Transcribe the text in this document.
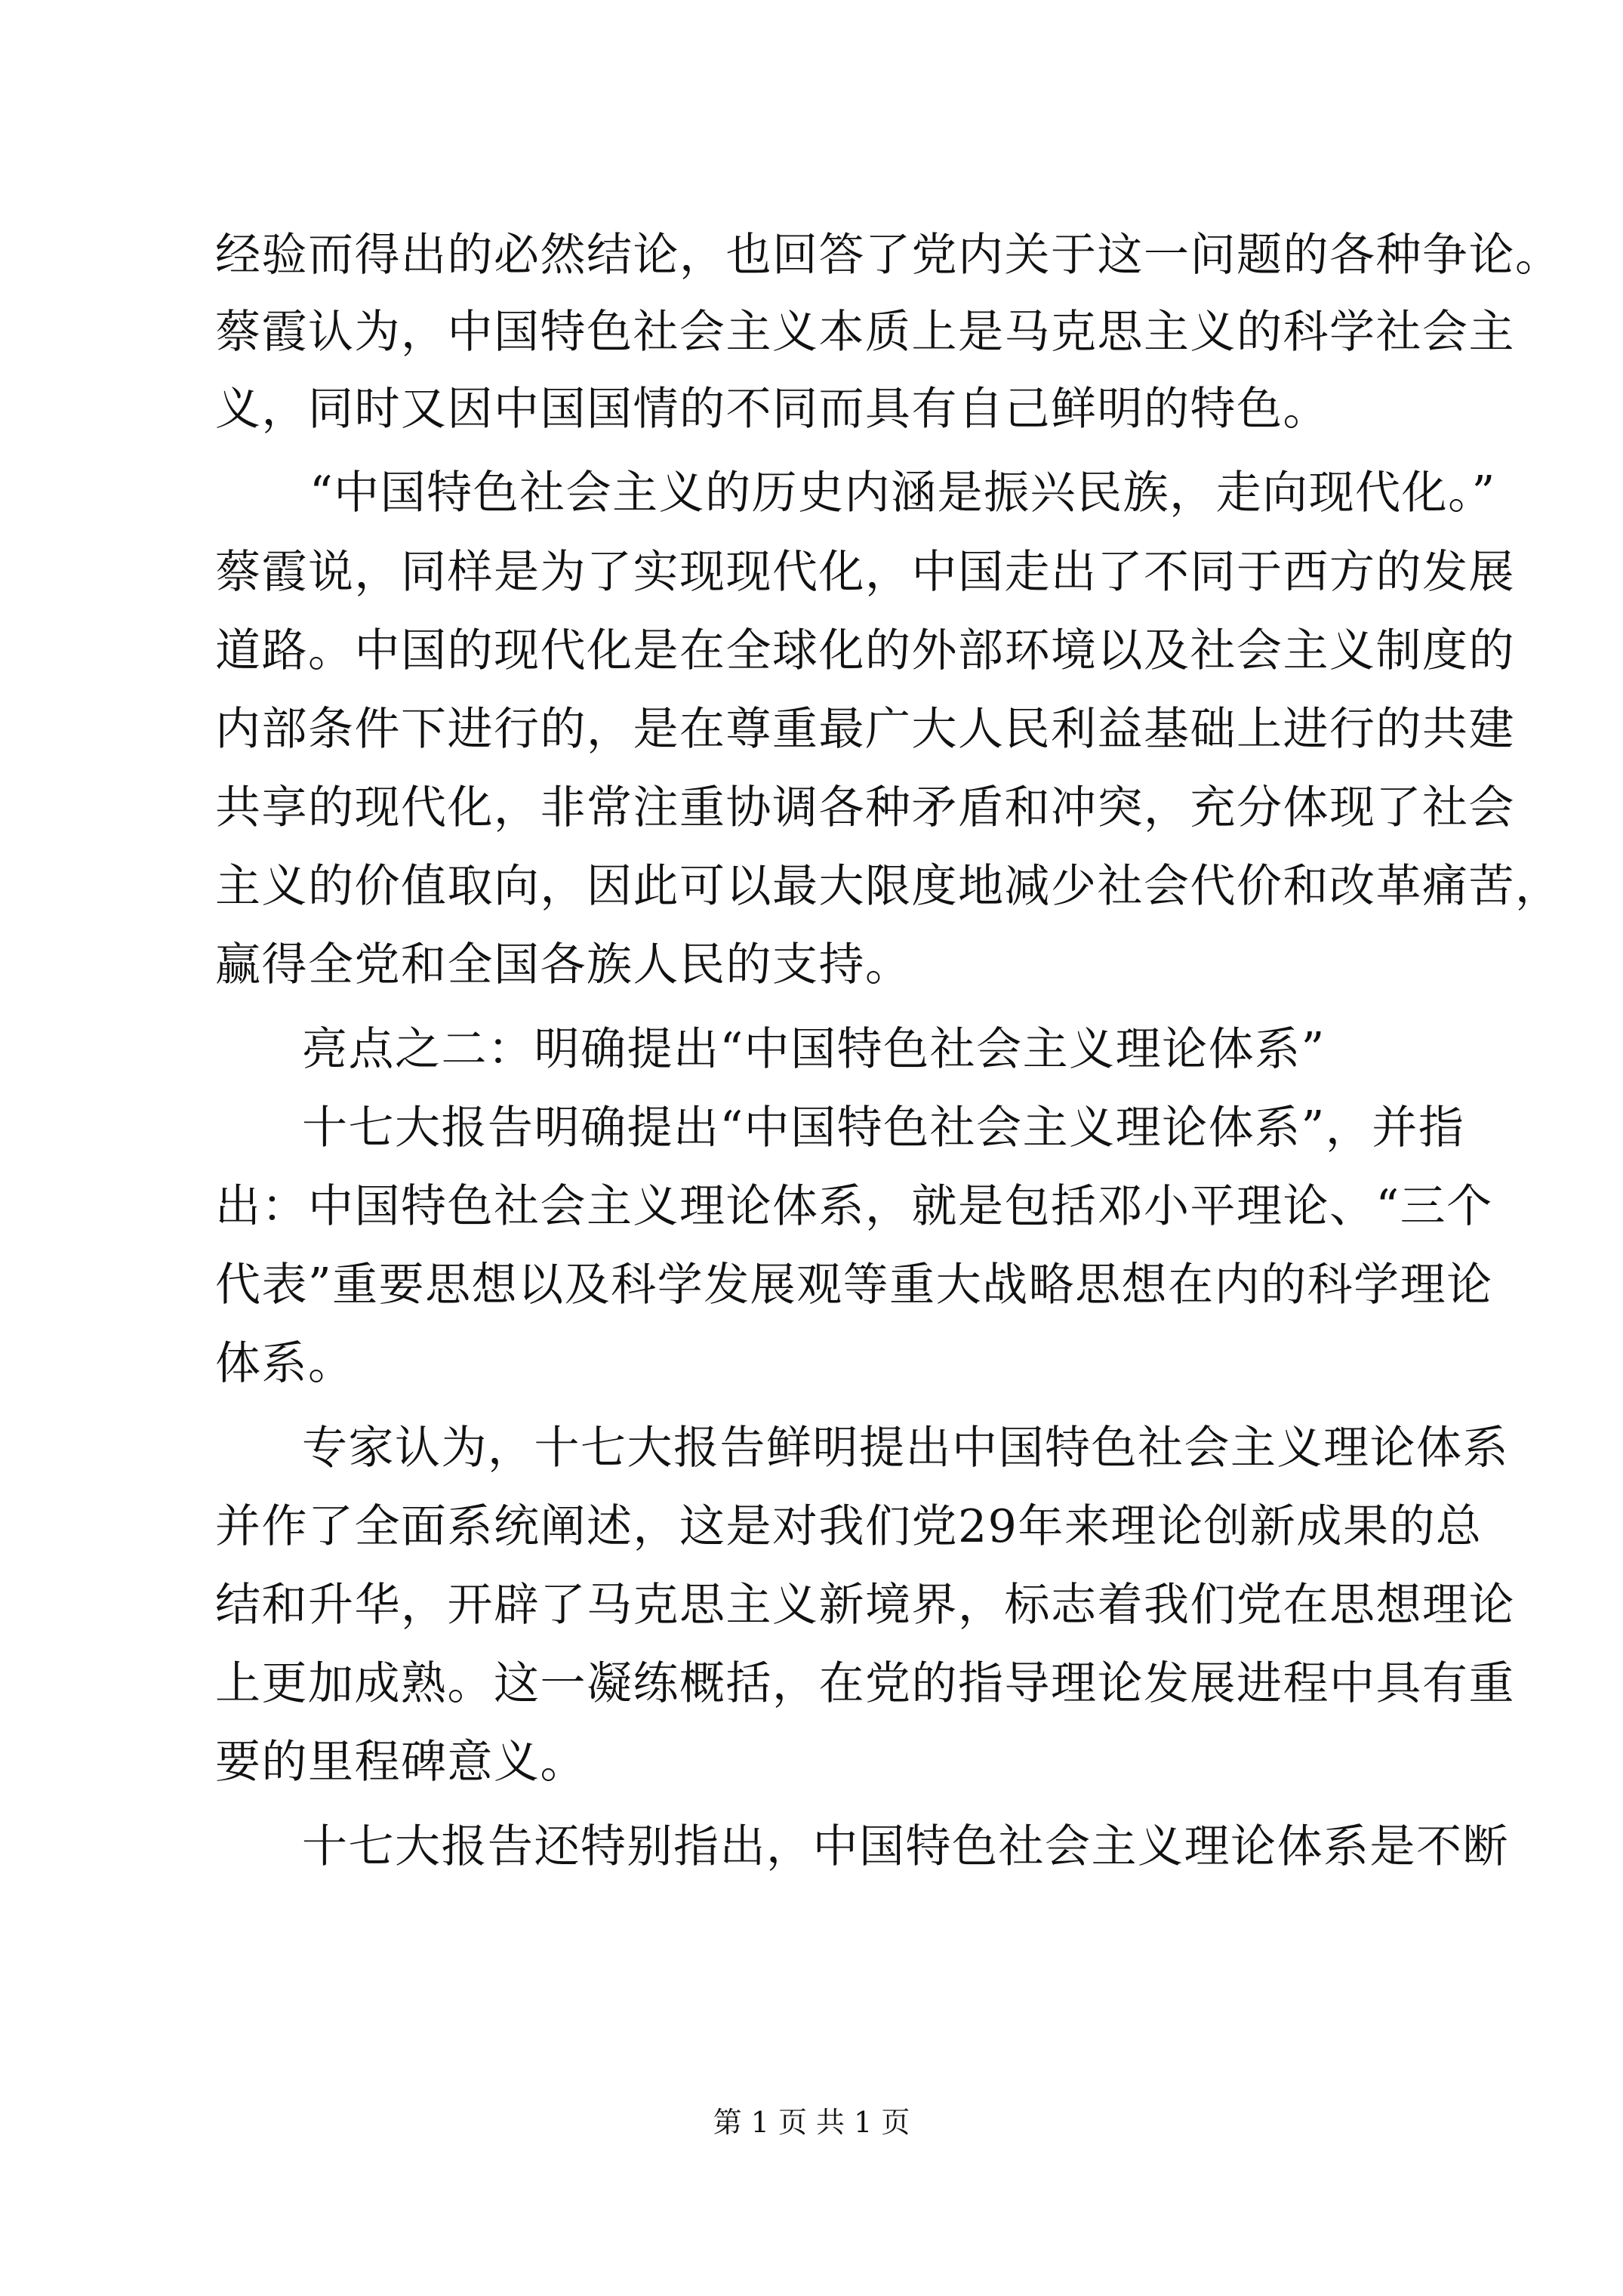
经验而得出的必然结论，也回答了党内关于这一问题的各种争论。
蔡霞认为，中国特色社会主义本质上是马克思主义的科学社会主
义，同时又因中国国情的不同而具有自己鲜明的特色。
“中国特色社会主义的历史内涵是振兴民族，走向现代化。”
蔡霞说，同样是为了实现现代化，中国走出了不同于西方的发展
道路。中国的现代化是在全球化的外部环境以及社会主义制度的
内部条件下进行的，是在尊重最广大人民利益基础上进行的共建
共享的现代化，非常注重协调各种矛盾和冲突，充分体现了社会
主义的价值取向，因此可以最大限度地减少社会代价和改革痛苦，
赢得全党和全国各族人民的支持。
亮点之二：明确提出“中国特色社会主义理论体系”
十七大报告明确提出“中国特色社会主义理论体系”，并指
出：中国特色社会主义理论体系，就是包括邓小平理论、“三个
代表”重要思想以及科学发展观等重大战略思想在内的科学理论
体系。
专家认为，十七大报告鲜明提出中国特色社会主义理论体系
并作了全面系统阐述，这是对我们党29年来理论创新成果的总
结和升华，开辟了马克思主义新境界，标志着我们党在思想理论
上更加成熟。这一凝练概括，在党的指导理论发展进程中具有重
要的里程碑意义。
十七大报告还特别指出，中国特色社会主义理论体系是不断
第 1 页 共 1 页
